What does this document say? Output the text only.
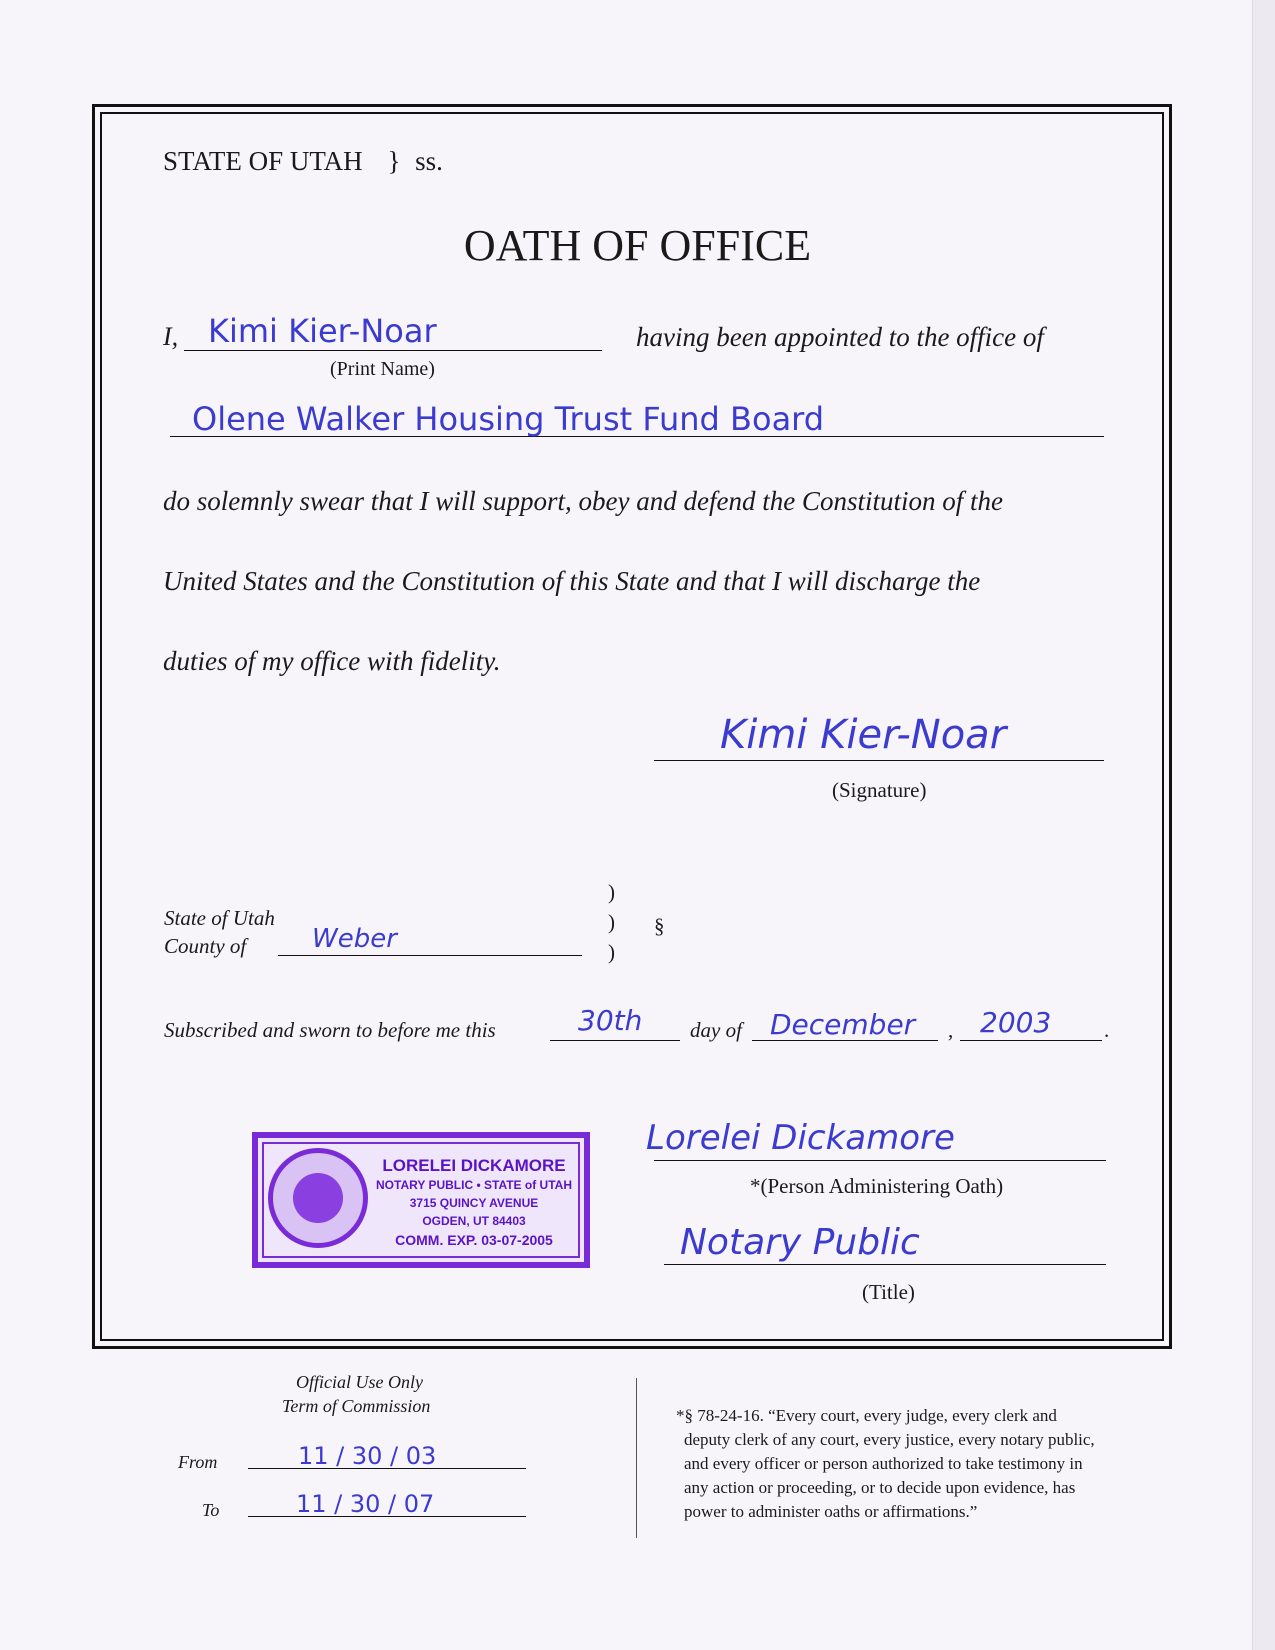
STATE OF UTAH } ss.
OATH OF OFFICE
I, Kimi Kier-Noar	having been appointed to the office of
(Print Name)
Olene Walker Housing Trust Fund Board
do solemnly swear that I will support, obey and defend the Constitution of the
United States and the Constitution of this State and that I will discharge the
duties of my office with fidelity.
Kimi Kier-Noar
(Signature)
State of Utah
County of	Weber
)
)
)
§
Subscribed and sworn to before me this	30th day of December , 2003	.
LORELEI DICKAMORE
NOTARY PUBLIC • STATE of UTAH
3715 QUINCY AVENUE
OGDEN, UT 84403
COMM. EXP. 03-07-2005
Lorelei Dickamore
*(Person Administering Oath)
Notary Public
(Title)
Official Use Only
Term of Commission
From	11 / 30 / 03
To	11 / 30 / 07
*§ 78-24-16. “Every court, every judge, every clerk and
deputy clerk of any court, every justice, every notary public,
and every officer or person authorized to take testimony in
any action or proceeding, or to decide upon evidence, has
power to administer oaths or affirmations.”
